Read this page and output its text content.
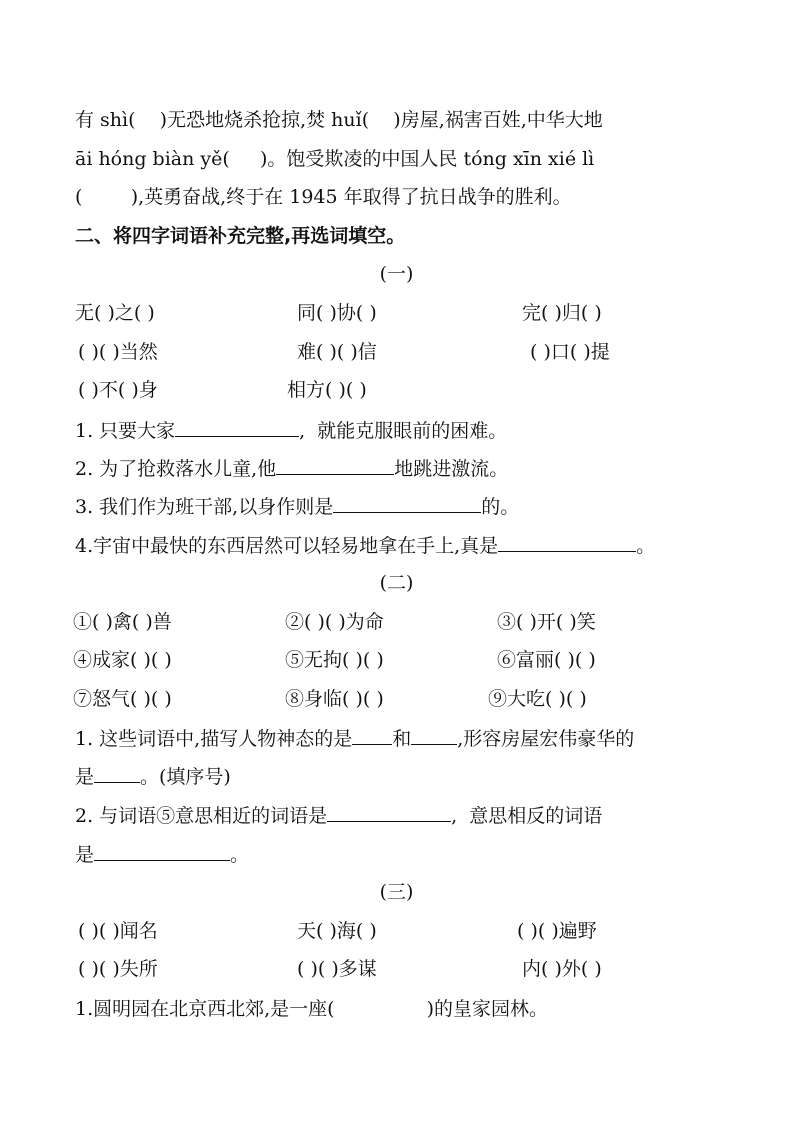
有 shì(    )无恐地烧杀抢掠,焚 huǐ(    )房屋,祸害百姓,中华大地
āi hóng biàn yě(     )。饱受欺凌的中国人民 tóng xīn xié lì
(        ),英勇奋战,终于在 1945 年取得了抗日战争的胜利。
二、将四字词语补充完整,再选词填空。
(一)
无( )之( )	同( )协( )	完( )归( )
( )( )当然	难( )( )信	( )口( )提
( )不( )身	相方( )( )
1. 只要大家	,  就能克服眼前的困难。
2. 为了抢救落水儿童,他	地跳进激流。
3. 我们作为班干部,以身作则是	的。
4.宇宙中最快的东西居然可以轻易地拿在手上,真是	。
(二)
①( )禽( )兽	②( )( )为命	③( )开( )笑
④成家( )( )	⑤无拘( )( )	⑥富丽( )( )
⑦怒气( )( )	⑧身临( )( )	⑨大吃( )( )
1. 这些词语中,描写人物神态的是 和 ,形容房屋宏伟豪华的
是 。(填序号)
2. 与词语⑤意思相近的词语是	,  意思相反的词语
是	。
(三)
( )( )闻名	天( )海( )	( )( )遍野
( )( )失所	( )( )多谋	内( )外( )
1.圆明园在北京西北郊,是一座(	)的皇家园林。
